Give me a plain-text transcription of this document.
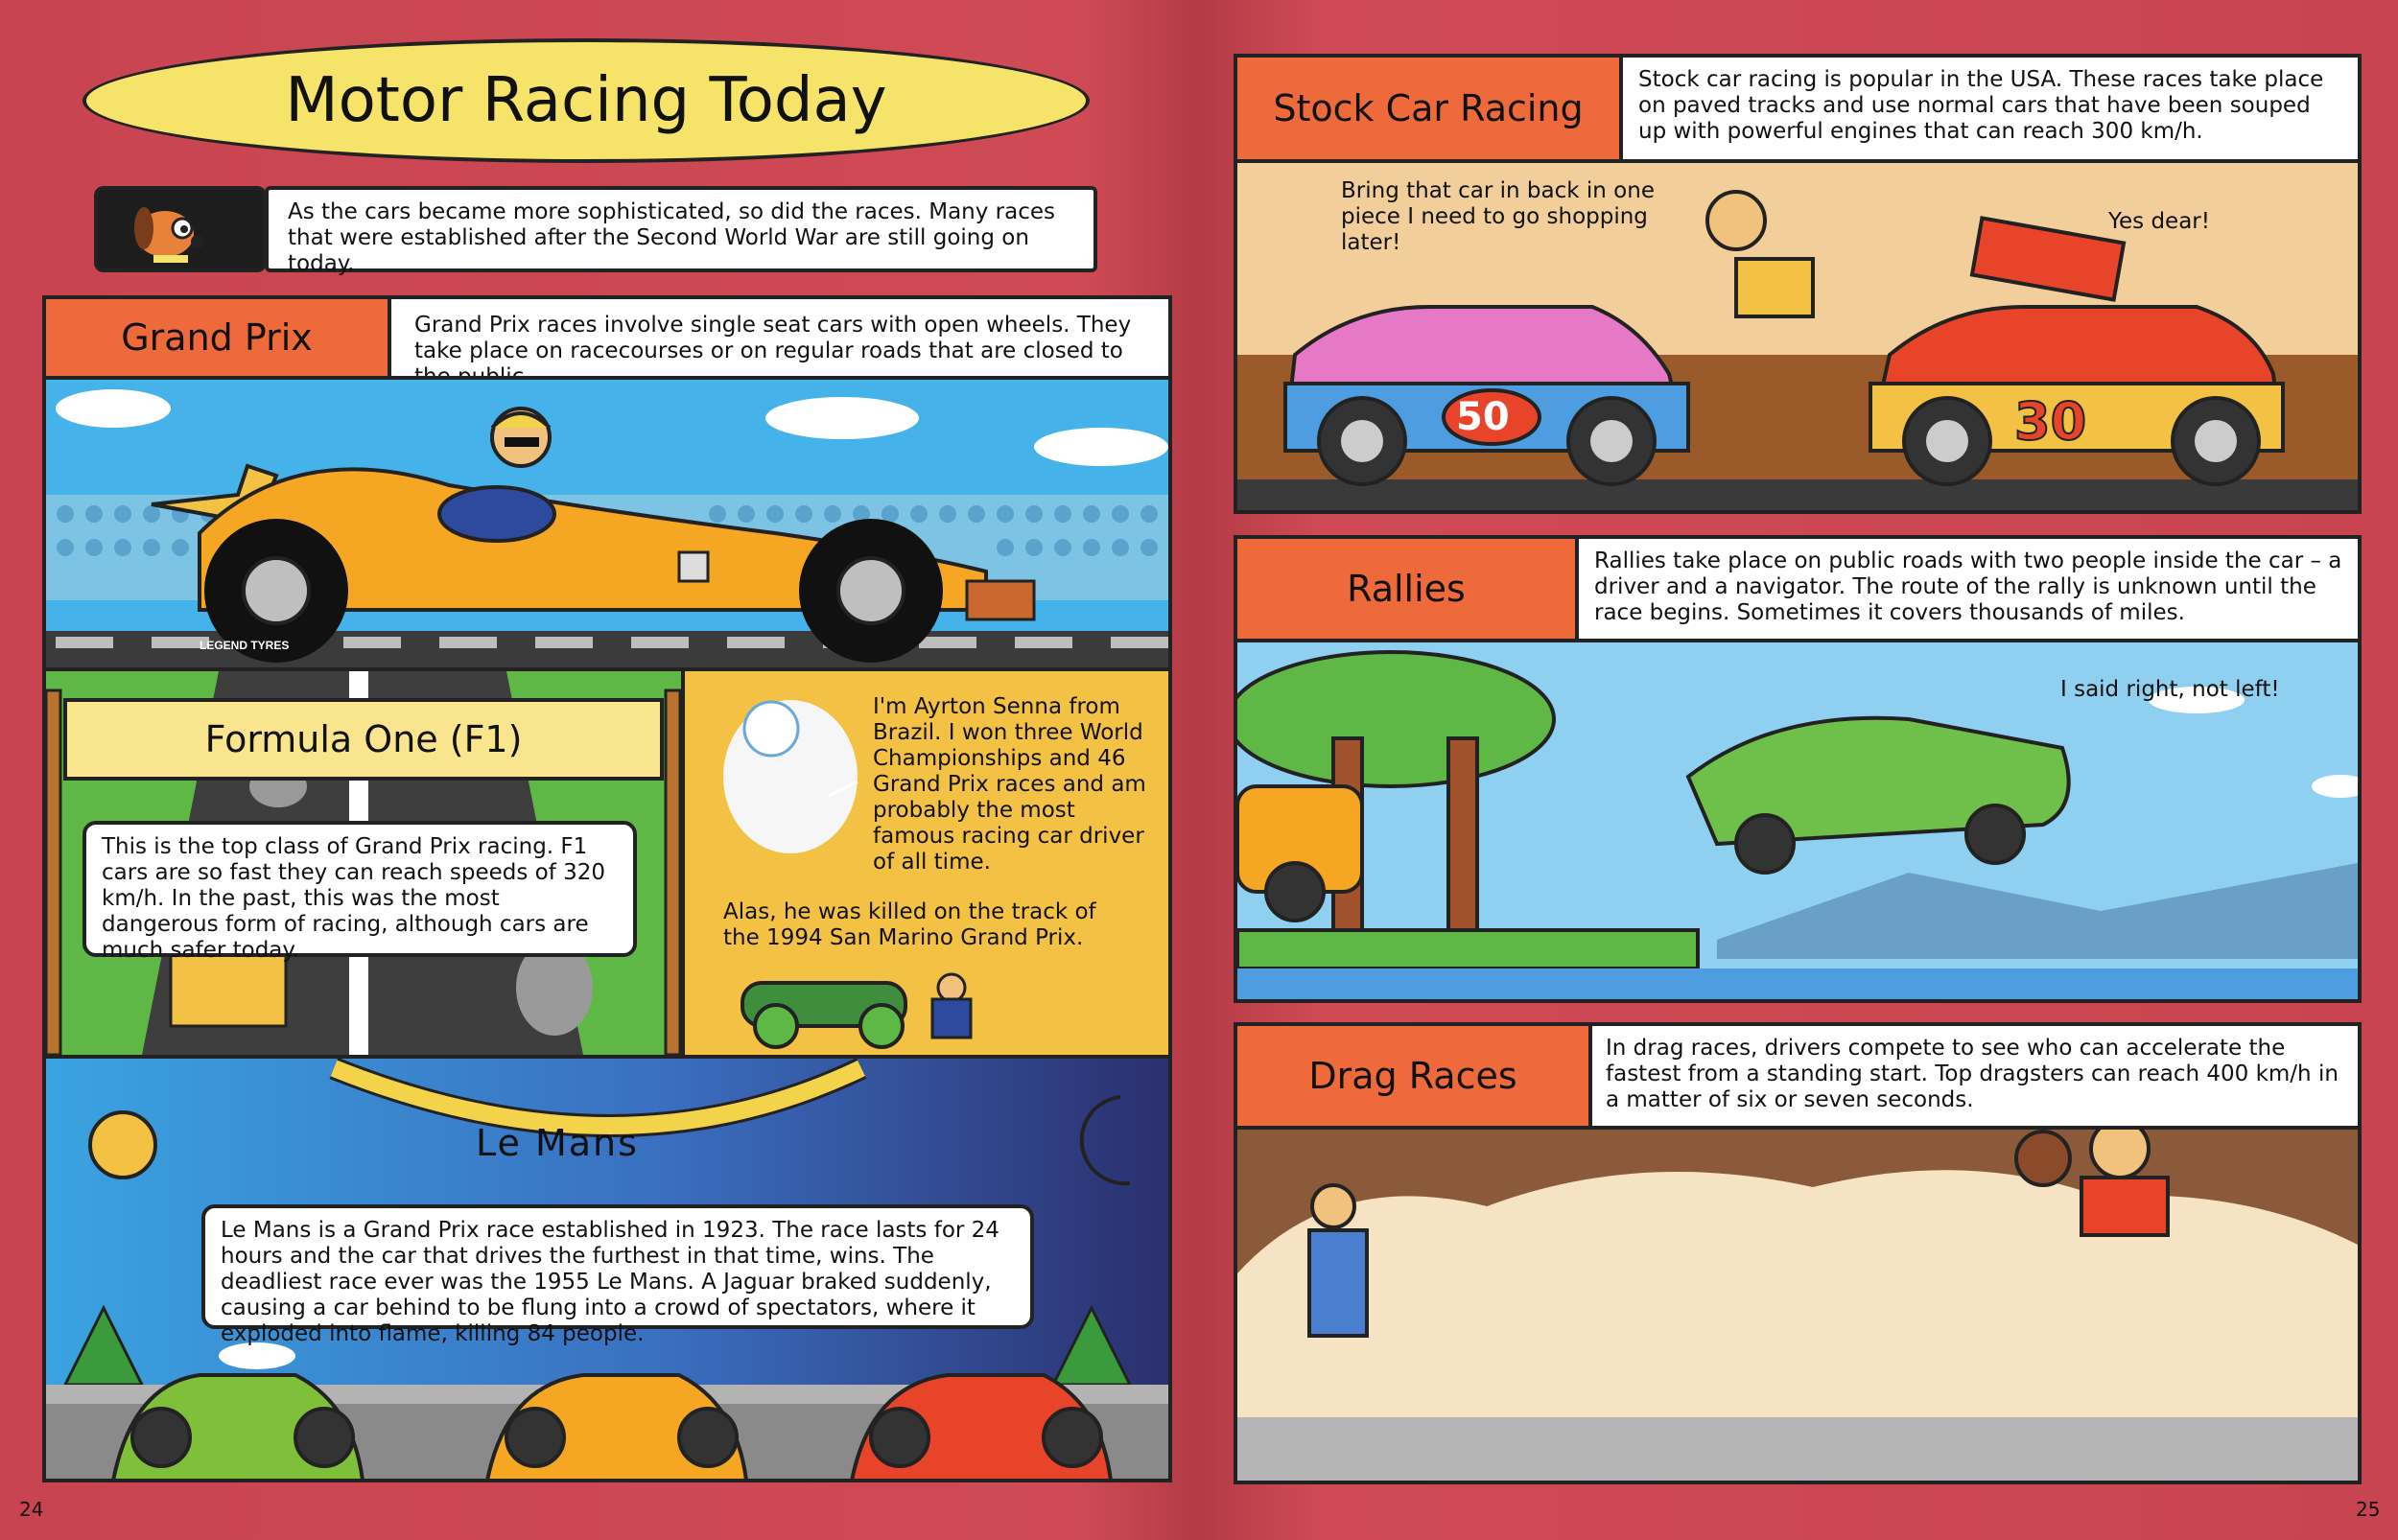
Motor Racing Today
As the cars became more sophisticated, so did the races. Many races that were established after the Second World War are still going on today.
Grand Prix	Grand Prix races involve single seat cars with open wheels. They take place on racecourses or on regular roads that are closed to
LEGEND TYRES
Formula One (F1)
This is the top class of Grand Prix racing. F1 cars are so fast they can reach speeds of 320 km/h. In the past, this was the most dangerous form of racing, although cars are much safer today.
I'm Ayrton Senna from Brazil. I won three World Championships and 46 Grand Prix races and am probably the most famous racing car driver of all time.
Alas, he was killed on the track of the 1994 San Marino Grand Prix.
Le Mans
Le Mans is a Grand Prix race established in 1923. The race lasts for 24 hours and the car that drives the furthest in that time, wins. The deadliest race ever was the 1955 Le Mans. A Jaguar braked suddenly, causing a car behind to be flung into a crowd of spectators, where it exploded into flame, killing 84 people.
Stock Car Racing
Stock car racing is popular in the USA. These races take place on paved tracks and use normal cars that have been souped up with powerful engines that can reach 300 km/h.
50	30
Bring that car in back in one piece I need to go shopping later!
Yes dear!
Rallies
Rallies take place on public roads with two people inside the car – a driver and a navigator. The route of the rally is unknown until the race begins. Sometimes it covers thousands of miles.
I said right, not left!
Drag Races
In drag races, drivers compete to see who can accelerate the fastest from a standing start. Top dragsters can reach 400 km/h in a matter of six or seven seconds.
24	25
